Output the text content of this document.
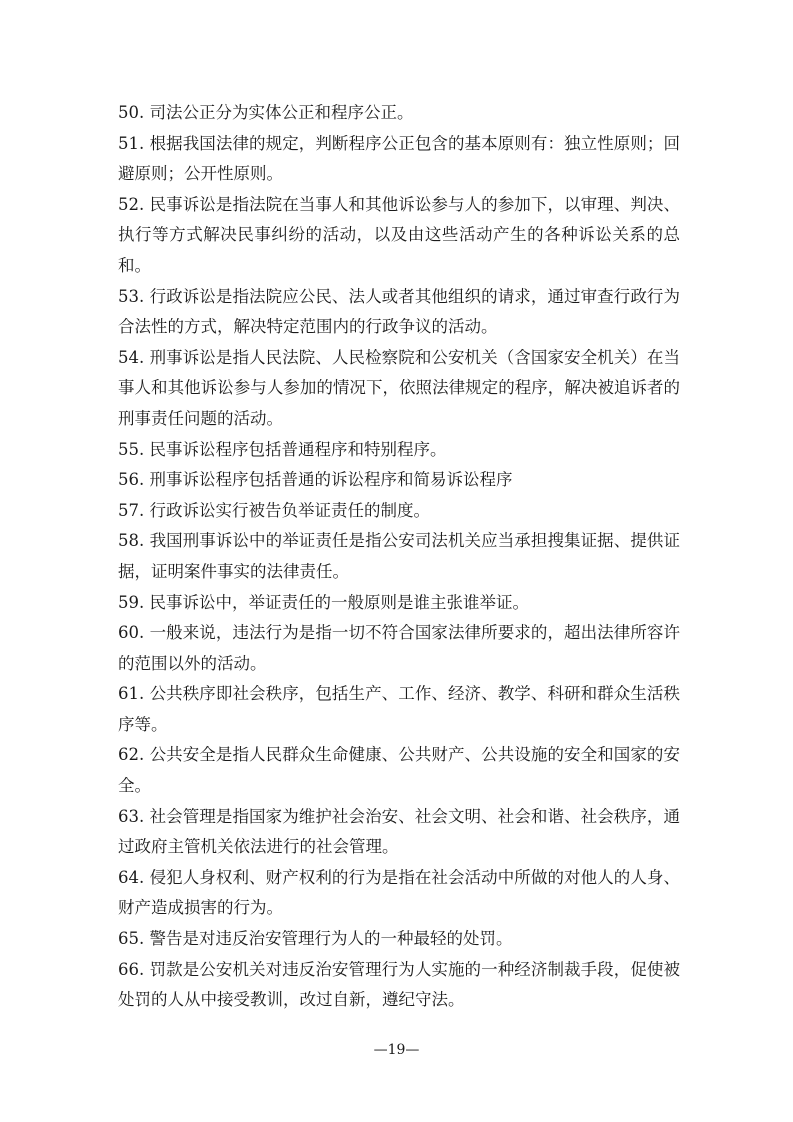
50. 司法公正分为实体公正和程序公正。

51. 根据我国法律的规定，判断程序公正包含的基本原则有：独立性原则；回避原则；公开性原则。

52. 民事诉讼是指法院在当事人和其他诉讼参与人的参加下，以审理、判决、执行等方式解决民事纠纷的活动，以及由这些活动产生的各种诉讼关系的总和。

53. 行政诉讼是指法院应公民、法人或者其他组织的请求，通过审查行政行为合法性的方式，解决特定范围内的行政争议的活动。

54. 刑事诉讼是指人民法院、人民检察院和公安机关（含国家安全机关）在当事人和其他诉讼参与人参加的情况下，依照法律规定的程序，解决被追诉者的刑事责任问题的活动。

55. 民事诉讼程序包括普通程序和特别程序。

56. 刑事诉讼程序包括普通的诉讼程序和简易诉讼程序

57. 行政诉讼实行被告负举证责任的制度。

58. 我国刑事诉讼中的举证责任是指公安司法机关应当承担搜集证据、提供证据，证明案件事实的法律责任。

59. 民事诉讼中，举证责任的一般原则是谁主张谁举证。

60. 一般来说，违法行为是指一切不符合国家法律所要求的，超出法律所容许的范围以外的活动。

61. 公共秩序即社会秩序，包括生产、工作、经济、教学、科研和群众生活秩序等。

62. 公共安全是指人民群众生命健康、公共财产、公共设施的安全和国家的安全。

63. 社会管理是指国家为维护社会治安、社会文明、社会和谐、社会秩序，通过政府主管机关依法进行的社会管理。

64. 侵犯人身权利、财产权利的行为是指在社会活动中所做的对他人的人身、财产造成损害的行为。

65. 警告是对违反治安管理行为人的一种最轻的处罚。

66. 罚款是公安机关对违反治安管理行为人实施的一种经济制裁手段，促使被处罚的人从中接受教训，改过自新，遵纪守法。

—19—
